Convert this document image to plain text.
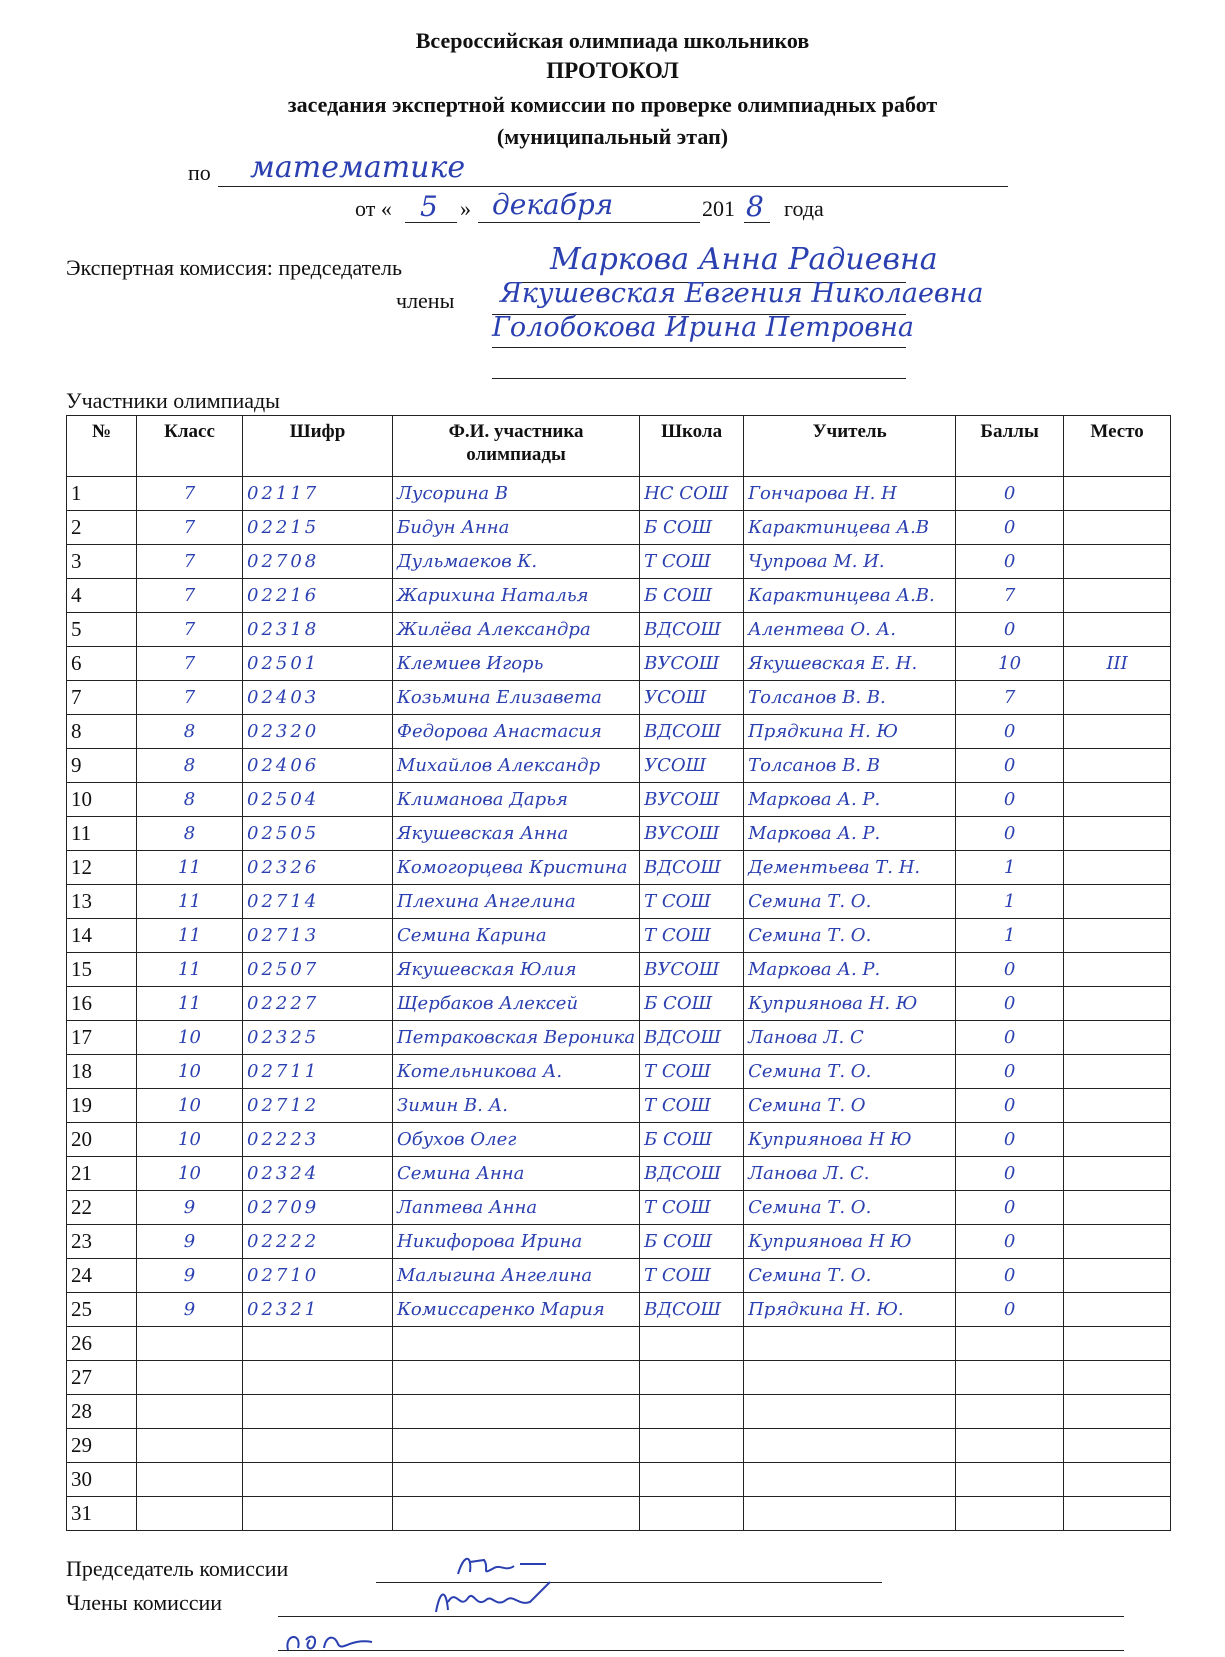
Всероссийская олимпиада школьников
ПРОТОКОЛ
заседания экспертной комиссии по проверке олимпиадных работ
(муниципальный этап)
по математике
от « 5 » декабря	201 8 года
Экспертная комиссия: председатель	Маркова Анна Радиевна
члены Якушевская Евгения Николаевна
Голобокова Ирина Петровна
Участники олимпиады
№	Класс	Шифр	Ф.И. участника олимпиады	Школа	Учитель	Баллы	Место
1	7	02117	Лусорина В	НС СОШ	Гончарова Н. Н	0	
2	7	02215	Бидун Анна	Б СОШ	Карактинцева А.В	0	
3	7	02708	Дульмаеков К.	Т СОШ	Чупрова М. И.	0	
4	7	02216	Жарихина Наталья	Б СОШ	Карактинцева А.В.	7	
5	7	02318	Жилёва Александра	ВДСОШ	Алентева О. А.	0	
6	7	02501	Клемиев Игорь	ВУСОШ	Якушевская Е. Н.	10	III
7	7	02403	Козьмина Елизавета	УСОШ	Толсанов В. В.	7	
8	8	02320	Федорова Анастасия	ВДСОШ	Прядкина Н. Ю	0	
9	8	02406	Михайлов Александр	УСОШ	Толсанов В. В	0	
10	8	02504	Климанова Дарья	ВУСОШ	Маркова А. Р.	0	
11	8	02505	Якушевская Анна	ВУСОШ	Маркова А. Р.	0	
12	11	02326	Комогорцева Кристина	ВДСОШ	Дементьева Т. Н.	1	
13	11	02714	Плехина Ангелина	Т СОШ	Семина Т. О.	1	
14	11	02713	Семина Карина	Т СОШ	Семина Т. О.	1	
15	11	02507	Якушевская Юлия	ВУСОШ	Маркова А. Р.	0	
16	11	02227	Щербаков Алексей	Б СОШ	Куприянова Н. Ю	0	
17	10	02325	Петраковская Вероника	ВДСОШ	Ланова Л. С	0	
18	10	02711	Котельникова А.	Т СОШ	Семина Т. О.	0	
19	10	02712	Зимин В. А.	Т СОШ	Семина Т. О	0	
20	10	02223	Обухов Олег	Б СОШ	Куприянова Н Ю	0	
21	10	02324	Семина Анна	ВДСОШ	Ланова Л. С.	0	
22	9	02709	Лаптева Анна	Т СОШ	Семина Т. О.	0	
23	9	02222	Никифорова Ирина	Б СОШ	Куприянова Н Ю	0	
24	9	02710	Малыгина Ангелина	Т СОШ	Семина Т. О.	0	
25	9	02321	Комиссаренко Мария	ВДСОШ	Прядкина Н. Ю.	0	
26							
27							
28							
29							
30							
31							
Председатель комиссии
Члены комиссии
